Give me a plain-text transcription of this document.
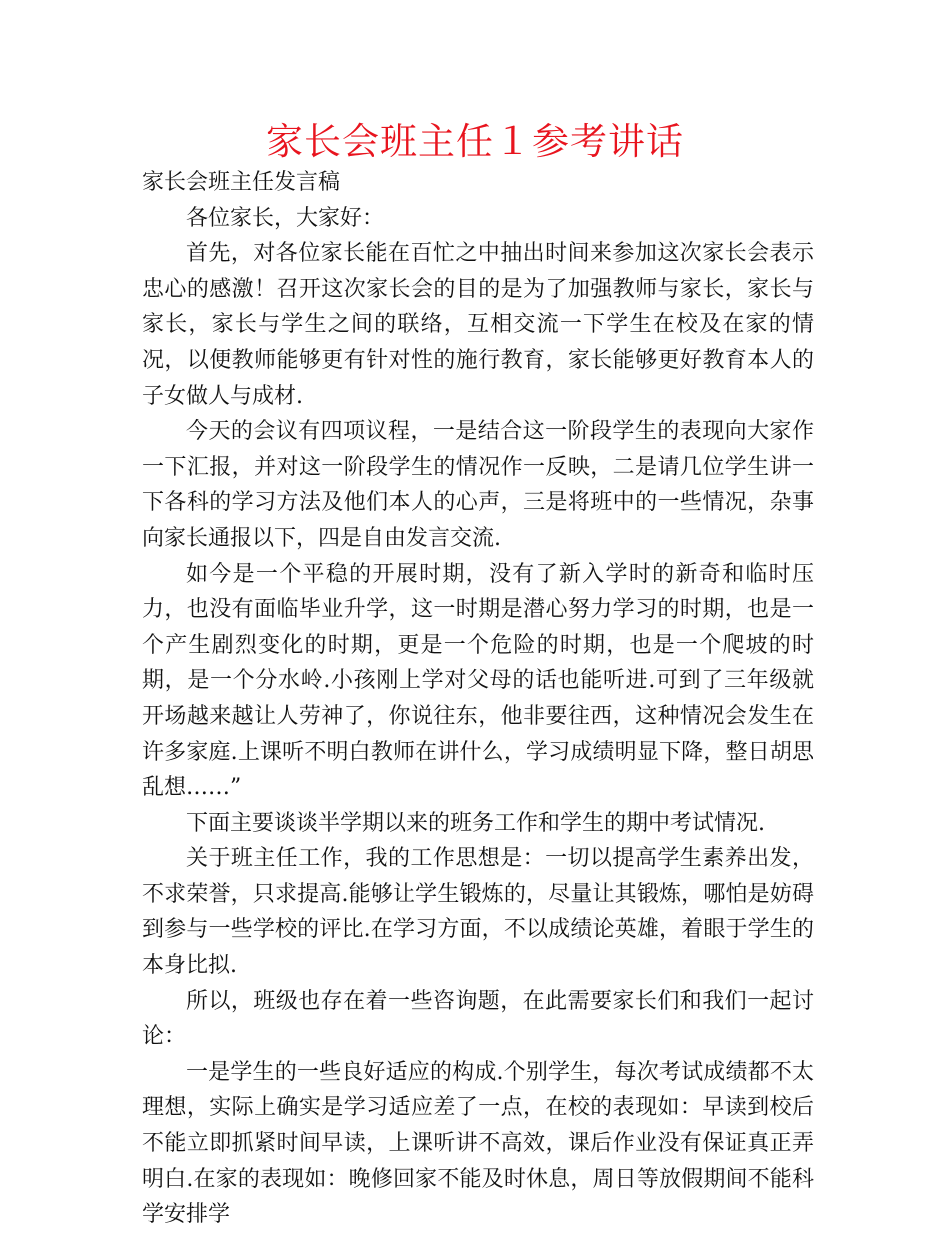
家长会班主任１参考讲话

家长会班主任发言稿

各位家长，大家好：

首先，对各位家长能在百忙之中抽出时间来参加这次家长会表示忠心的感激！召开这次家长会的目的是为了加强教师与家长，家长与家长，家长与学生之间的联络，互相交流一下学生在校及在家的情况，以便教师能够更有针对性的施行教育，家长能够更好教育本人的子女做人与成材.

今天的会议有四项议程，一是结合这一阶段学生的表现向大家作一下汇报，并对这一阶段学生的情况作一反映，二是请几位学生讲一下各科的学习方法及他们本人的心声，三是将班中的一些情况，杂事向家长通报以下，四是自由发言交流.

如今是一个平稳的开展时期，没有了新入学时的新奇和临时压力，也没有面临毕业升学，这一时期是潜心努力学习的时期，也是一个产生剧烈变化的时期，更是一个危险的时期，也是一个爬坡的时期，是一个分水岭.小孩刚上学对父母的话也能听进.可到了三年级就开场越来越让人劳神了，你说往东，他非要往西，这种情况会发生在许多家庭.上课听不明白教师在讲什么，学习成绩明显下降，整日胡思乱想……”

下面主要谈谈半学期以来的班务工作和学生的期中考试情况.

关于班主任工作，我的工作思想是：一切以提高学生素养出发，不求荣誉，只求提高.能够让学生锻炼的，尽量让其锻炼，哪怕是妨碍到参与一些学校的评比.在学习方面，不以成绩论英雄，着眼于学生的本身比拟.

所以，班级也存在着一些咨询题，在此需要家长们和我们一起讨论：

一是学生的一些良好适应的构成.个别学生，每次考试成绩都不太理想，实际上确实是学习适应差了一点，在校的表现如：早读到校后不能立即抓紧时间早读，上课听讲不高效，课后作业没有保证真正弄明白.在家的表现如：晚修回家不能及时休息，周日等放假期间不能科学安排学
